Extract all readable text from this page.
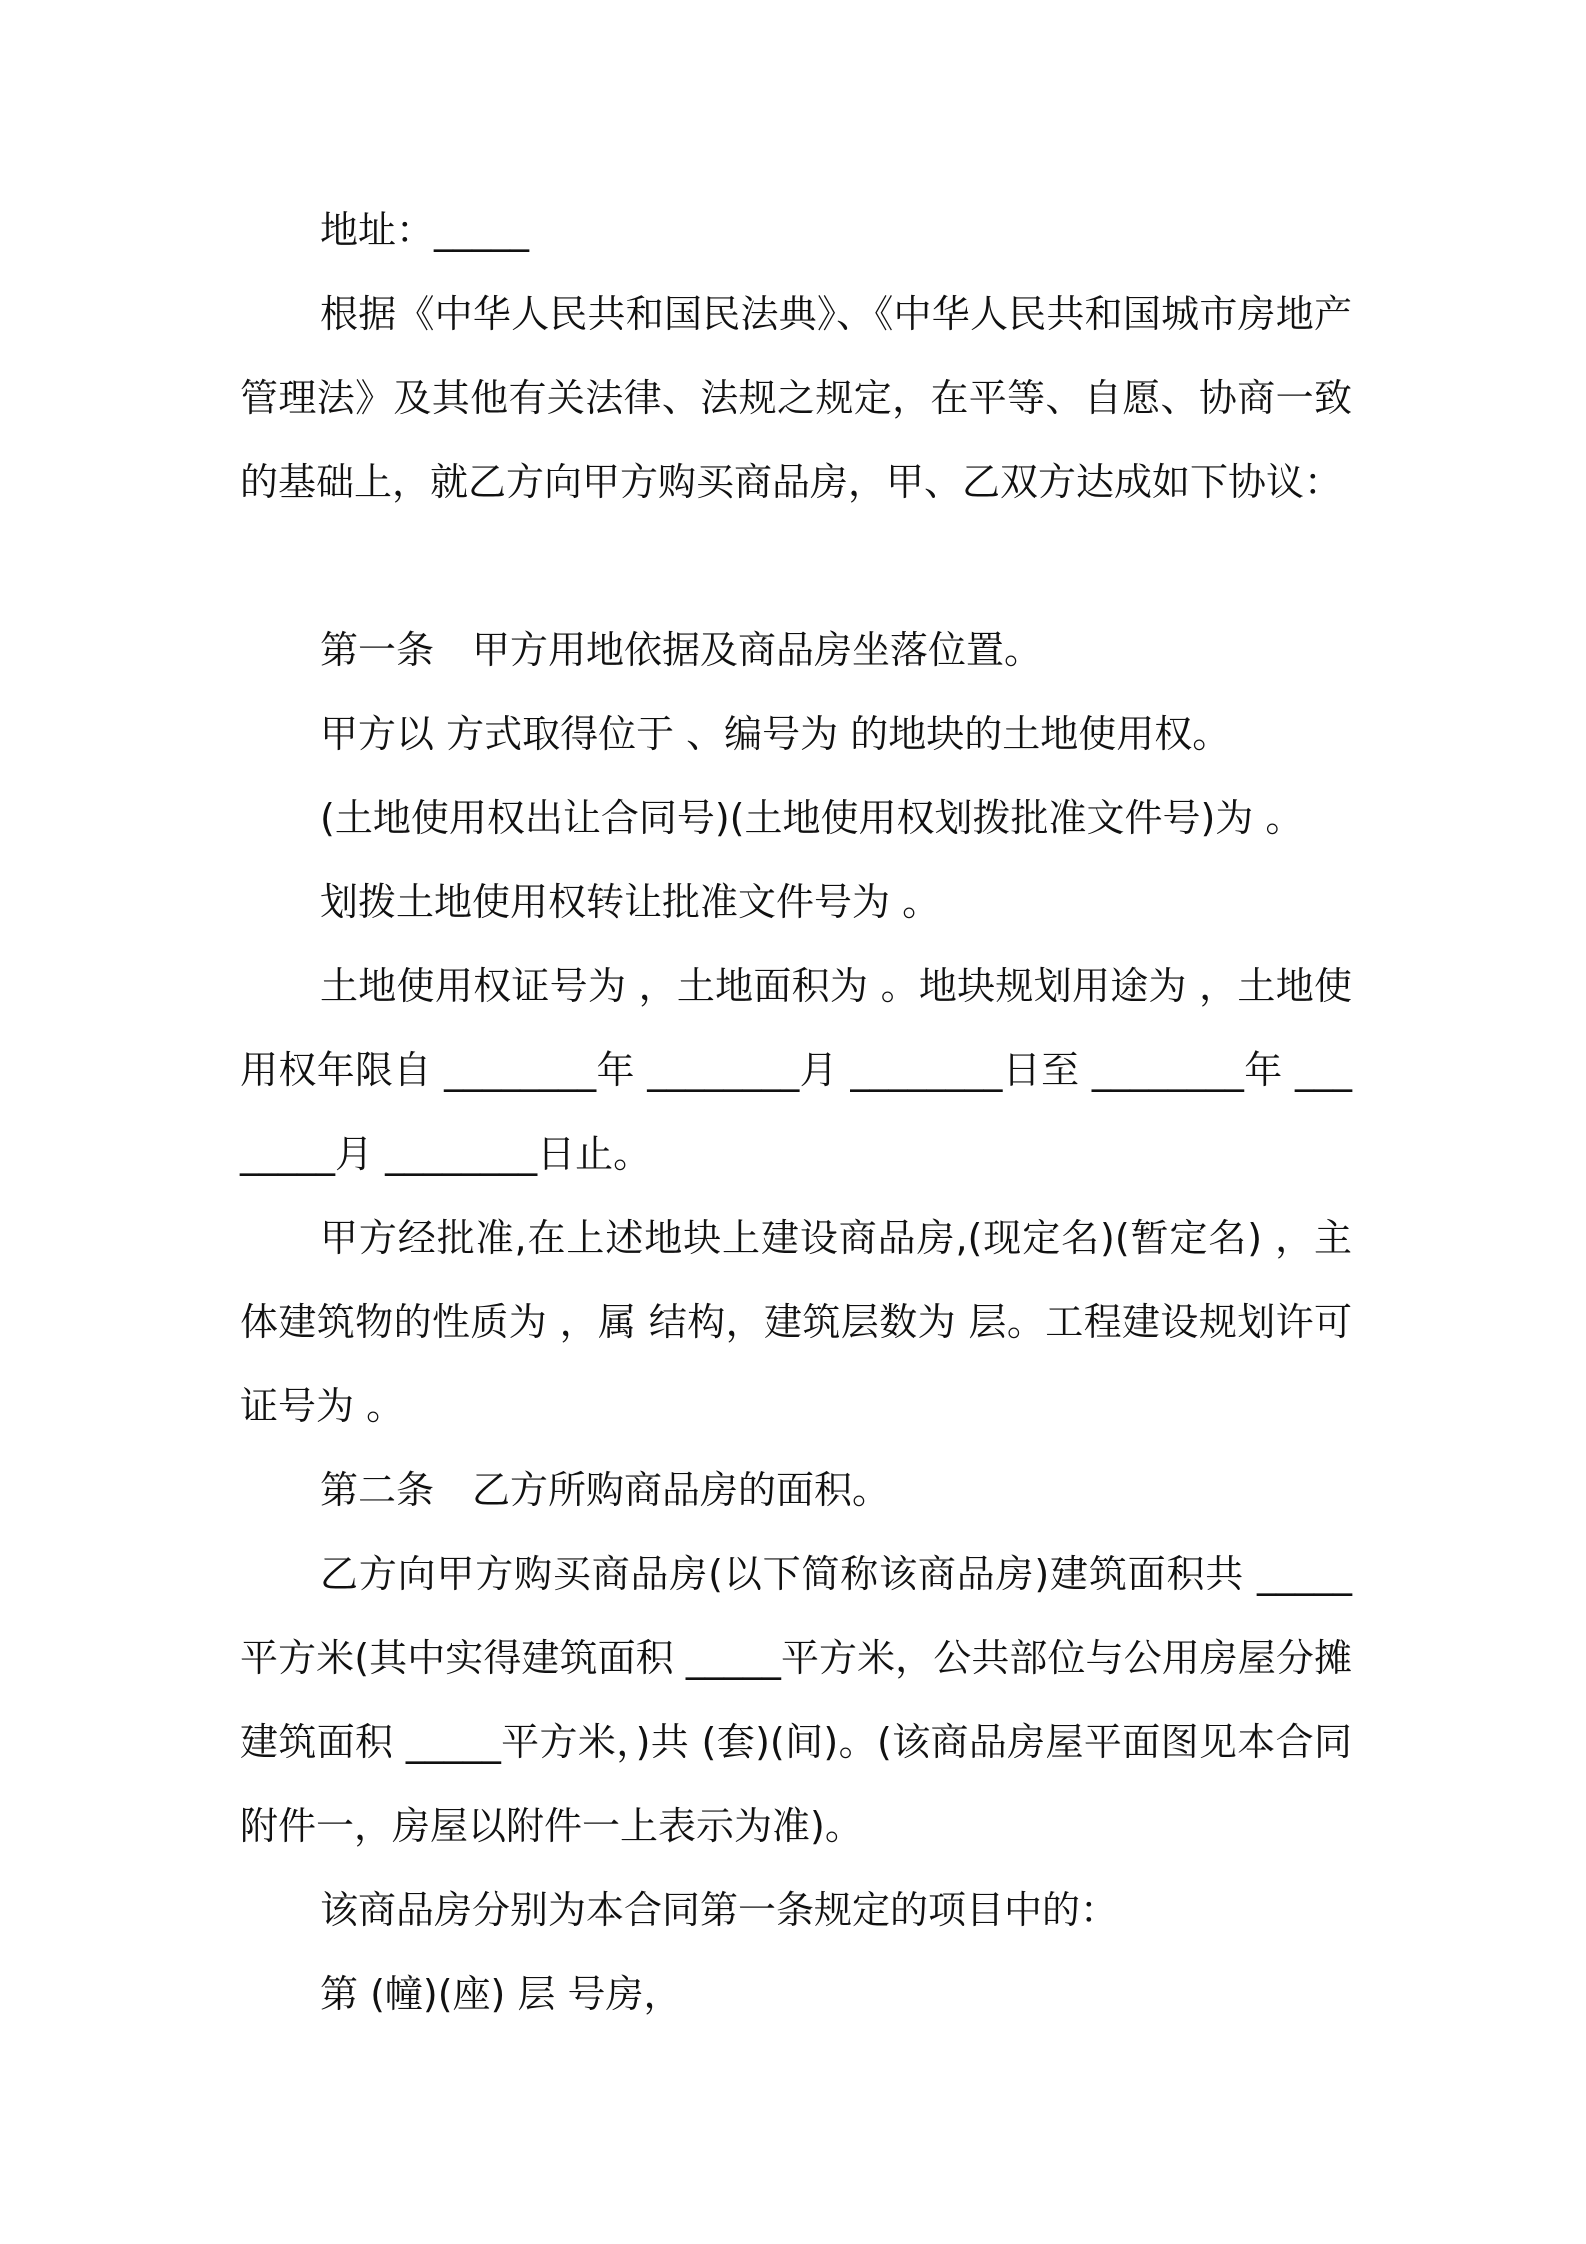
地址：_____

根据《中华人民共和国民法典》、《中华人民共和国城市房地产管理法》及其他有关法律、法规之规定，在平等、自愿、协商一致的基础上，就乙方向甲方购买商品房，甲、乙双方达成如下协议：

第一条　甲方用地依据及商品房坐落位置。

甲方以 方式取得位于 、编号为 的地块的土地使用权。

(土地使用权出让合同号)(土地使用权划拨批准文件号)为 。

划拨土地使用权转让批准文件号为 。

土地使用权证号为 ，土地面积为 。地块规划用途为 ，土地使用权年限自 ________年 ________月 ________日至 ________年 ________月 ________日止。

甲方经批准,在上述地块上建设商品房,(现定名)(暂定名) ，主体建筑物的性质为 ，属 结构，建筑层数为 层。工程建设规划许可证号为 。

第二条　乙方所购商品房的面积。

乙方向甲方购买商品房(以下简称该商品房)建筑面积共 _____平方米(其中实得建筑面积 _____平方米，公共部位与公用房屋分摊建筑面积 _____平方米，)共 (套)(间)。(该商品房屋平面图见本合同附件一，房屋以附件一上表示为准)。

该商品房分别为本合同第一条规定的项目中的：

第 (幢)(座) 层 号房，
